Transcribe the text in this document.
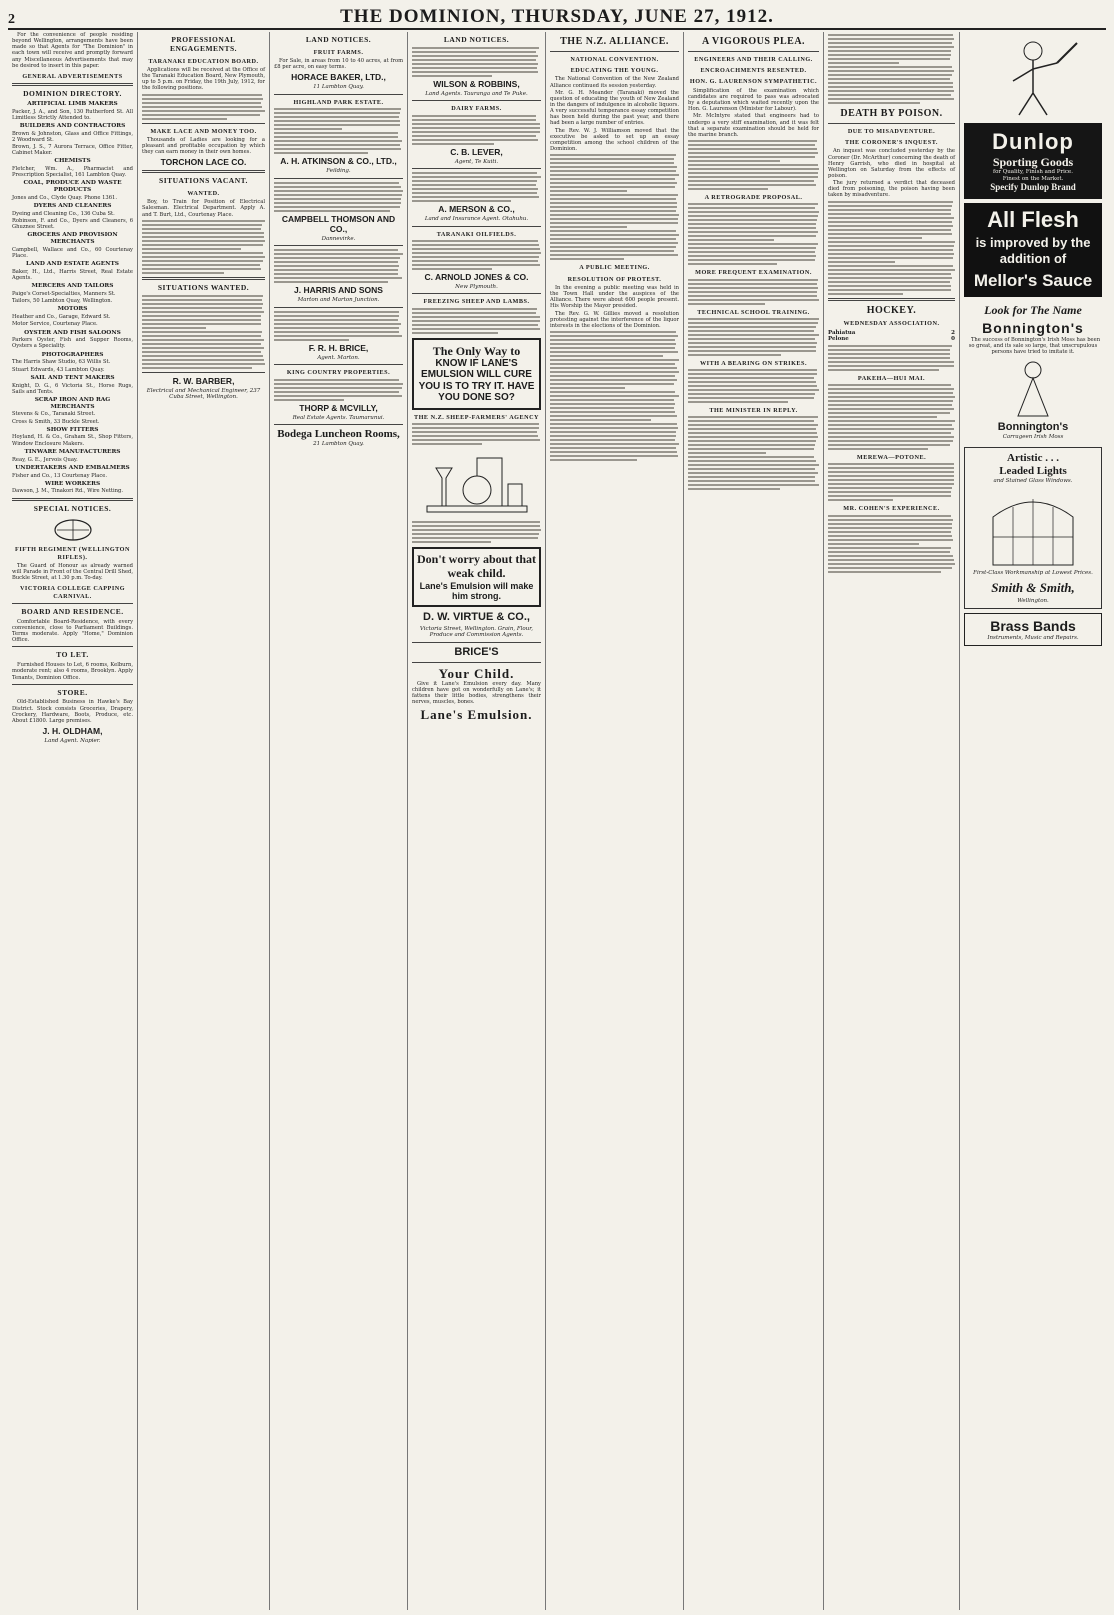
2	THE DOMINION, THURSDAY, JUNE 27, 1912.

For the convenience of people residing beyond Wellington, arrangements have been made so that Agents for "The Dominion" in each town will receive and promptly forward any Miscellaneous Advertisements that may be desired to insert in this paper.

GENERAL ADVERTISEMENTS
DOMINION DIRECTORY.
ARTIFICIAL LIMB MAKERS
Packer, J. A., and Son, 130 Rutherford St. All Limitless Strictly Attended to.
BUILDERS AND CONTRACTORS
Brown & Johnston, Glass and Office Fittings, 2 Woodward St.
Brown, J. S., 7 Aurora Terrace, Office Fitter, Cabinet Maker.
CHEMISTS
Fletcher, Wm. A., Pharmacist and Prescription Specialist, 161 Lambton Quay.
COAL, PRODUCE AND WASTE PRODUCTS
Jones and Co., Clyde Quay. Phone 1361.
DYERS AND CLEANERS
Dyeing and Cleaning Co., 136 Cuba St.
Robinson, F. and Co., Dyers and Cleaners, 6 Ghuznee Street.
GROCERS AND PROVISION MERCHANTS
Campbell, Wallace and Co., 60 Courtenay Place.
LAND AND ESTATE AGENTS
Baker, H., Ltd., Harris Street, Real Estate Agents.
MERCERS AND TAILORS
Paige's Corset-Specialties, Manners St.
Tailors, 50 Lambton Quay, Wellington.
MOTORS
Heather and Co., Garage, Edward St.
Motor Service, Courtenay Place.
OYSTER AND FISH SALOONS
Parkers Oyster, Fish and Supper Rooms, Oysters a Speciality.
PHOTOGRAPHERS
The Harris Shaw Studio, 63 Willis St.
Stuart Edwards, 43 Lambton Quay.
SAIL AND TENT MAKERS
Knight, D. G., 6 Victoria St., Horse Rugs, Sails and Tents.
SCRAP IRON AND RAG MERCHANTS
Stevens & Co., Taranaki Street.
Cross & Smith, 33 Buckle Street.
SHOW FITTERS
Hoyland, H. & Co., Graham St., Shop Fitters, Window Enclosure Makers.
TINWARE MANUFACTURERS
Reay, G. E., Jervois Quay.
UNDERTAKERS AND EMBALMERS
Fisher and Co., 13 Courtenay Place.
WIRE WORKERS
Dawson, J. M., Tinakori Rd., Wire Netting.
SPECIAL NOTICES.
FIFTH REGIMENT (WELLINGTON RIFLES).

The Guard of Honour as already warned will Parade in Front of the Central Drill Shed, Buckle Street, at 1.30 p.m. To-day.

VICTORIA COLLEGE CAPPING CARNIVAL.
BOARD AND RESIDENCE.

Comfortable Board-Residence, with every convenience, close to Parliament Buildings. Terms moderate. Apply "Home," Dominion Office.

TO LET.

Furnished Houses to Let, 6 rooms, Kelburn, moderate rent; also 4 rooms, Brooklyn. Apply Tenants, Dominion Office.

STORE.

Old-Established Business in Hawke's Bay District. Stock consists Groceries, Drapery, Crockery, Hardware, Boots, Produce, etc. About £1800. Large premises.

J. H. OLDHAM,
Land Agent. Napier.
PROFESSIONAL ENGAGEMENTS.
TARANAKI EDUCATION BOARD.

Applications will be received at the Office of the Taranaki Education Board, New Plymouth, up to 5 p.m. on Friday, the 19th July, 1912, for the following positions.

MAKE LACE AND MONEY TOO.

Thousands of Ladies are looking for a pleasant and profitable occupation by which they can earn money in their own homes.

TORCHON LACE CO.
SITUATIONS VACANT.
WANTED.

Boy, to Train for Position of Electrical Salesman. Electrical Department. Apply A. and T. Burt, Ltd., Courtenay Place.

SITUATIONS WANTED.
R. W. BARBER,
Electrical and Mechanical Engineer, 237 Cuba Street, Wellington.
LAND NOTICES.
FRUIT FARMS.

For Sale, in areas from 10 to 40 acres, at from £8 per acre, on easy terms.

HORACE BAKER, LTD.,
11 Lambton Quay.
HIGHLAND PARK ESTATE.
A. H. ATKINSON & CO., LTD.,
Feilding.
CAMPBELL THOMSON AND CO.,
Dannevirke.
J. HARRIS AND SONS
Marton and Marton Junction.
F. R. H. BRICE,
Agent. Marton.
KING COUNTRY PROPERTIES.
THORP & MCVILLY,
Real Estate Agents. Taumarunui.
Bodega Luncheon Rooms,
21 Lambton Quay.
LAND NOTICES.
WILSON & ROBBINS,
Land Agents. Tauranga and Te Puke.
DAIRY FARMS.
C. B. LEVER,
Agent, Te Kuiti.
A. MERSON & CO.,
Land and Insurance Agent. Otahuhu.
TARANAKI OILFIELDS.
C. ARNOLD JONES & CO.
New Plymouth.
FREEZING SHEEP AND LAMBS.
The Only Way to
KNOW IF LANE'S EMULSION WILL CURE YOU IS TO TRY IT. HAVE YOU DONE SO?
THE N.Z. SHEEP-FARMERS' AGENCY
Don't worry about that weak child.
Lane's Emulsion will make him strong.
D. W. VIRTUE & CO.,
Victoria Street, Wellington. Grain, Flour, Produce and Commission Agents.
BRICE'S
Your Child.

Give it Lane's Emulsion every day. Many children have got on wonderfully on Lane's; it fattens their little bodies, strengthens their nerves, muscles, bones.

Lane's Emulsion.
THE N.Z. ALLIANCE.
NATIONAL CONVENTION.
EDUCATING THE YOUNG.

The National Convention of the New Zealand Alliance continued its session yesterday.

Mr. G. H. Meander (Taranaki) moved the question of educating the youth of New Zealand in the dangers of indulgence in alcoholic liquors. A very successful temperance essay competition has been held during the past year, and there had been a large number of entries.

The Rev. W. J. Williamson moved that the executive be asked to set up an essay competition among the school children of the Dominion.

A PUBLIC MEETING.
RESOLUTION OF PROTEST.

In the evening a public meeting was held in the Town Hall under the auspices of the Alliance. There were about 600 people present. His Worship the Mayor presided.

The Rev. G. W. Gillies moved a resolution protesting against the interference of the liquor interests in the elections of the Dominion.

A VIGOROUS PLEA.
ENGINEERS AND THEIR CALLING.
ENCROACHMENTS RESENTED.
HON. G. LAURENSON SYMPATHETIC.

Simplification of the examination which candidates are required to pass was advocated by a deputation which waited recently upon the Hon. G. Laurenson (Minister for Labour).

Mr. McIntyre stated that engineers had to undergo a very stiff examination, and it was felt that a separate examination should be held for the marine branch.

A RETROGRADE PROPOSAL.
MORE FREQUENT EXAMINATION.
TECHNICAL SCHOOL TRAINING.
WITH A BEARING ON STRIKES.
THE MINISTER IN REPLY.
DEATH BY POISON.
DUE TO MISADVENTURE.
THE CORONER'S INQUEST.

An inquest was concluded yesterday by the Coroner (Dr. McArthur) concerning the death of Henry Garrish, who died in hospital at Wellington on Saturday from the effects of poison.

The jury returned a verdict that deceased died from poisoning, the poison having been taken by misadventure.

HOCKEY.
WEDNESDAY ASSOCIATION.
Pahiatua	2
Pelone	0
PAKEHA—HUI MAI.
MEREWA—POTONE.
MR. COHEN'S EXPERIENCE.
Dunlop
Sporting Goods
for Quality, Finish and Price.
Finest on the Market.
Specify Dunlop Brand
All Flesh
is improved by the addition of
Mellor's Sauce
Look for The Name
Bonnington's

The success of Bonnington's Irish Moss has been so great, and its sale so large, that unscrupulous persons have tried to imitate it.

Bonnington's
Carrageen Irish Moss
Artistic . . .
Leaded Lights
and Stained Glass Windows.
First-Class Workmanship at Lowest Prices.
Smith & Smith,
Wellington.
Brass Bands
Instruments, Music and Repairs.
